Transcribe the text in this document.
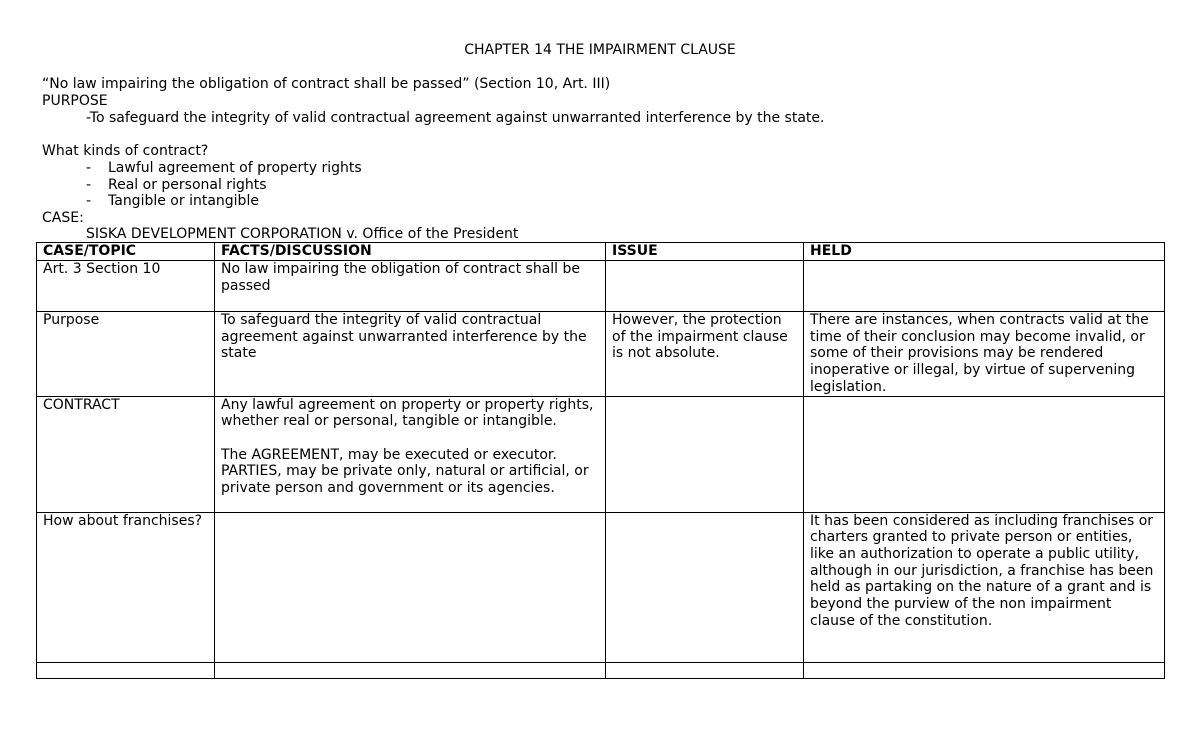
CHAPTER 14 THE IMPAIRMENT CLAUSE
“No law impairing the obligation of contract shall be passed” (Section 10, Art. III)
PURPOSE
-To safeguard the integrity of valid contractual agreement against unwarranted interference by the state.
What kinds of contract?
- Lawful agreement of property rights
- Real or personal rights
- Tangible or intangible
CASE:
SISKA DEVELOPMENT CORPORATION v. Office of the President
CASE/TOPIC	FACTS/DISCUSSION	ISSUE	HELD
Art. 3 Section 10	No law impairing the obligation of contract shall be passed		
Purpose	To safeguard the integrity of valid contractual agreement against unwarranted interference by the state	However, the protection of the impairment clause is not absolute.	There are instances, when contracts valid at the time of their conclusion may become invalid, or some of their provisions may be rendered inoperative or illegal, by virtue of supervening legislation.
CONTRACT	Any lawful agreement on property or property rights, whether real or personal, tangible or intangible.
The AGREEMENT, may be executed or executor. PARTIES, may be private only, natural or artificial, or private person and government or its agencies.		

How about franchises?			It has been considered as including franchises or charters granted to private person or entities, like an authorization to operate a public utility, although in our jurisdiction, a franchise has been held as partaking on the nature of a grant and is beyond the purview of the non impairment clause of the constitution.
